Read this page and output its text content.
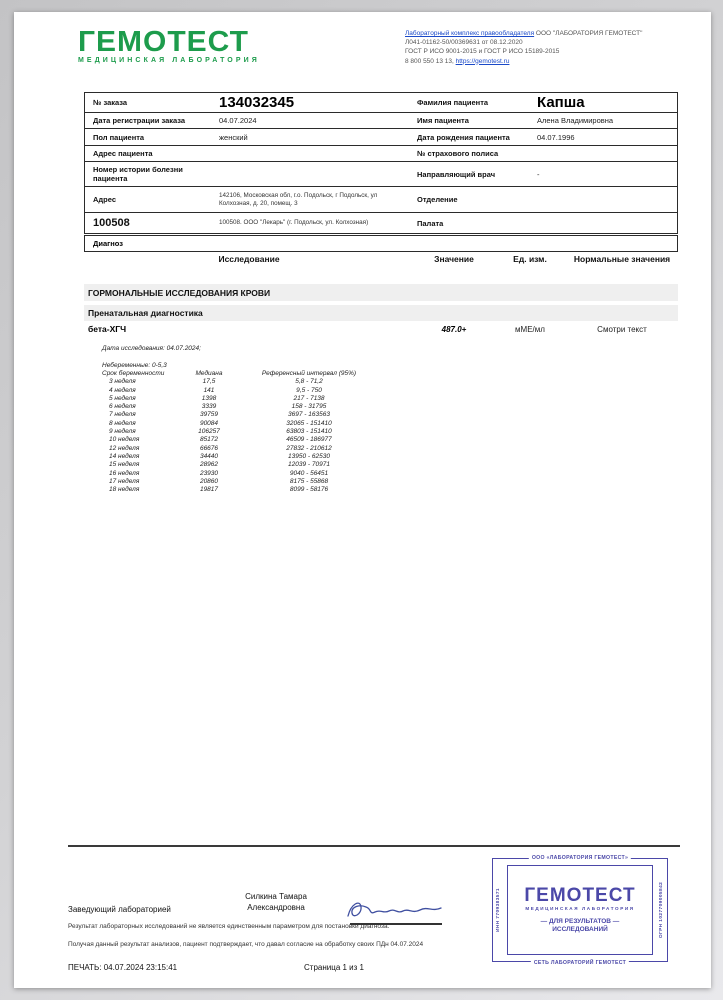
ГЕМОТЕСТ
МЕДИЦИНСКАЯ ЛАБОРАТОРИЯ
Лабораторный комплекс правообладателя ООО "ЛАБОРАТОРИЯ ГЕМОТЕСТ"
Л041-01162-50/00369631 от 08.12.2020
ГОСТ Р ИСО 9001-2015 и ГОСТ Р ИСО 15189-2015
8 800 550 13 13, https://gemotest.ru
№ заказа	134032345	Фамилия пациента	Капша
Дата регистрации заказа	04.07.2024	Имя пациента	Алена Владимировна
Пол пациента	женский	Дата рождения пациента	04.07.1996
Адрес пациента	№ страхового полиса
Номер истории болезни пациента	Направляющий врач	-
Адрес	142106, Московская обл, г.о. Подольск, г Подольск, ул Колхозная, д. 20, помещ. 3	Отделение
100508	100508. ООО "Лекарь" (г. Подольск, ул. Колхозная)	Палата
Диагноз
Исследование	Значение	Ед. изм.	Нормальные значения
ГОРМОНАЛЬНЫЕ ИССЛЕДОВАНИЯ КРОВИ
Пренатальная диагностика
бета-ХГЧ	487.0+	мМЕ/мл	Смотри текст
Дата исследования: 04.07.2024;
Небеременные: 0-5,3
Срок беременности	Медиана	Референсный интервал (95%)
3 неделя	17,5	5,8 - 71,2
4 неделя	141	9,5 - 750
5 неделя	1398	217 - 7138
6 неделя	3339	158 - 31795
7 неделя	39759	3697 - 163563
8 неделя	90084	32065 - 151410
9 неделя	106257	63803 - 151410
10 неделя	85172	46509 - 186977
12 неделя	66676	27832 - 210612
14 неделя	34440	13950 - 62530
15 неделя	28962	12039 - 70971
16 неделя	23930	9040 - 56451
17 неделя	20860	8175 - 55868
18 неделя	19817	8099 - 58176
Заведующий лабораторией
Силкина Тамара
Александровна
ООО «ЛАБОРАТОРИЯ ГЕМОТЕСТ»
ГЕМОТЕСТ
МЕДИЦИНСКАЯ ЛАБОРАТОРИЯ
— ДЛЯ РЕЗУЛЬТАТОВ —
ИССЛЕДОВАНИЙ
СЕТЬ ЛАБОРАТОРИЙ ГЕМОТЕСТ
ИНН 7709383571	ОГРН 1027709005842
Результат лабораторных исследований не является единственным параметром для постановки диагноза.
Получая данный результат анализов, пациент подтверждает, что давал согласие на обработку своих ПДн 04.07.2024
ПЕЧАТЬ: 04.07.2024 23:15:41	Страница 1 из 1
